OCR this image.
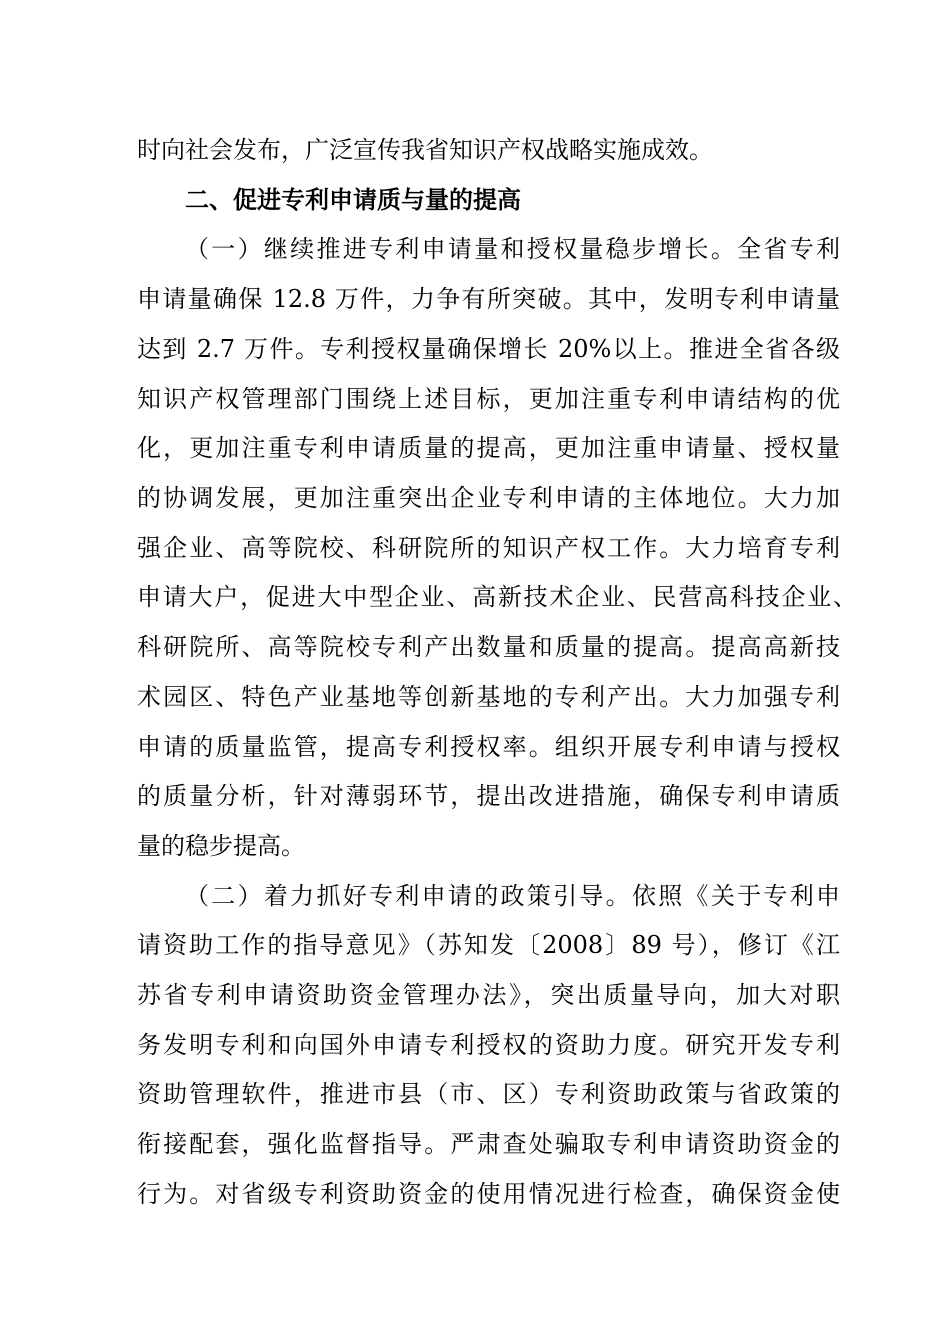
时向社会发布，广泛宣传我省知识产权战略实施成效。
二、促进专利申请质与量的提高
（一）继续推进专利申请量和授权量稳步增长。全省专利
申请量确保 12.8 万件，力争有所突破。其中，发明专利申请量
达到 2.7 万件。专利授权量确保增长 20%以上。推进全省各级
知识产权管理部门围绕上述目标，更加注重专利申请结构的优
化，更加注重专利申请质量的提高，更加注重申请量、授权量
的协调发展，更加注重突出企业专利申请的主体地位。大力加
强企业、高等院校、科研院所的知识产权工作。大力培育专利
申请大户，促进大中型企业、高新技术企业、民营高科技企业、
科研院所、高等院校专利产出数量和质量的提高。提高高新技
术园区、特色产业基地等创新基地的专利产出。大力加强专利
申请的质量监管，提高专利授权率。组织开展专利申请与授权
的质量分析，针对薄弱环节，提出改进措施，确保专利申请质
量的稳步提高。
（二）着力抓好专利申请的政策引导。依照《关于专利申
请资助工作的指导意见》（苏知发〔2008〕89 号），修订《江
苏省专利申请资助资金管理办法》，突出质量导向，加大对职
务发明专利和向国外申请专利授权的资助力度。研究开发专利
资助管理软件，推进市县（市、区）专利资助政策与省政策的
衔接配套，强化监督指导。严肃查处骗取专利申请资助资金的
行为。对省级专利资助资金的使用情况进行检查，确保资金使
